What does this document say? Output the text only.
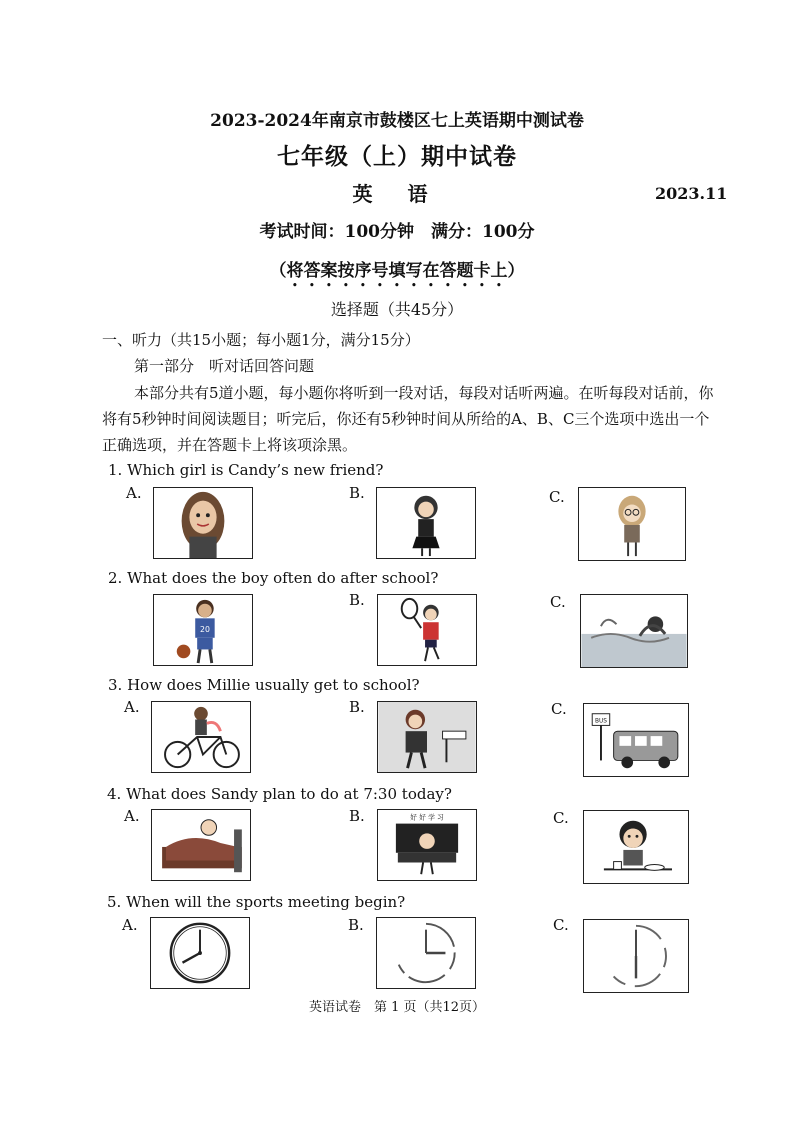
2023-2024年南京市鼓楼区七上英语期中测试卷
七年级（上）期中试卷
英 语	2023.11
考试时间：100分钟　满分：100分
（将答案按序号填写在答题卡上）
选择题（共45分）
一、听力（共15小题；每小题1分，满分15分）
第一部分　听对话回答问题
本部分共有5道小题，每小题你将听到一段对话，每段对话听两遍。在听每段对话前，你将有5秒钟时间阅读题目；听完后，你还有5秒钟时间从所给的A、B、C三个选项中选出一个正确选项，并在答题卡上将该项涂黑。
1. Which girl is Candy’s new friend?
A.	B.	C.
2. What does the boy often do after school?
B.	C.
20
3. How does Millie usually get to school?
A.	B.	C.
BUS
4. What does Sandy plan to do at 7:30 today?
A.	B.	C.
好 好 学 习
5. When will the sports meeting begin?
A.	B.	C.
英语试卷　第 1 页（共12页）
